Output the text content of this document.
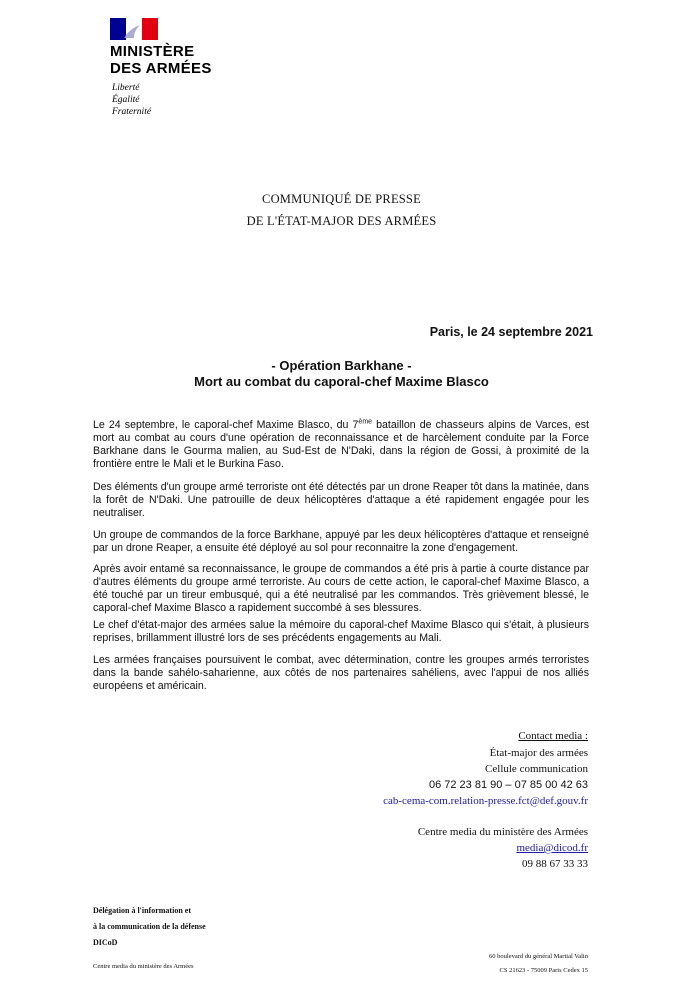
MINISTÈRE
DES ARMÉES
Liberté
Égalité
Fraternité
COMMUNIQUÉ DE PRESSE
DE L'ÉTAT-MAJOR DES ARMÉES
Paris, le 24 septembre 2021
- Opération Barkhane -
Mort au combat du caporal-chef Maxime Blasco
Le 24 septembre, le caporal-chef Maxime Blasco, du 7ème bataillon de chasseurs alpins de Varces, est mort au combat au cours d'une opération de reconnaissance et de harcèlement conduite par la Force Barkhane dans le Gourma malien, au Sud-Est de N'Daki, dans la région de Gossi, à proximité de la frontière entre le Mali et le Burkina Faso.
Des éléments d'un groupe armé terroriste ont été détectés par un drone Reaper tôt dans la matinée, dans la forêt de N'Daki. Une patrouille de deux hélicoptères d'attaque a été rapidement engagée pour les neutraliser.
Un groupe de commandos de la force Barkhane, appuyé par les deux hélicoptères d'attaque et renseigné par un drone Reaper, a ensuite été déployé au sol pour reconnaitre la zone d'engagement.
Après avoir entamé sa reconnaissance, le groupe de commandos a été pris à partie à courte distance par d'autres éléments du groupe armé terroriste. Au cours de cette action, le caporal-chef Maxime Blasco, a été touché par un tireur embusqué, qui a été neutralisé par les commandos. Très grièvement blessé, le caporal-chef Maxime Blasco a rapidement succombé à ses blessures.
Le chef d'état-major des armées salue la mémoire du caporal-chef Maxime Blasco qui s'était, à plusieurs reprises, brillamment illustré lors de ses précédents engagements au Mali.
Les armées françaises poursuivent le combat, avec détermination, contre les groupes armés terroristes dans la bande sahélo-saharienne, aux côtés de nos partenaires sahéliens, avec l'appui de nos alliés européens et américain.
Contact media :
État-major des armées
Cellule communication
06 72 23 81 90 – 07 85 00 42 63
cab-cema-com.relation-presse.fct@def.gouv.fr
Centre media du ministère des Armées
media@dicod.fr
09 88 67 33 33
Délégation à l'information et
à la communication de la défense
DICoD
Centre media du ministère des Armées
60 boulevard du général Martial Valin
CS 21623 - 75009 Paris Cedex 15
